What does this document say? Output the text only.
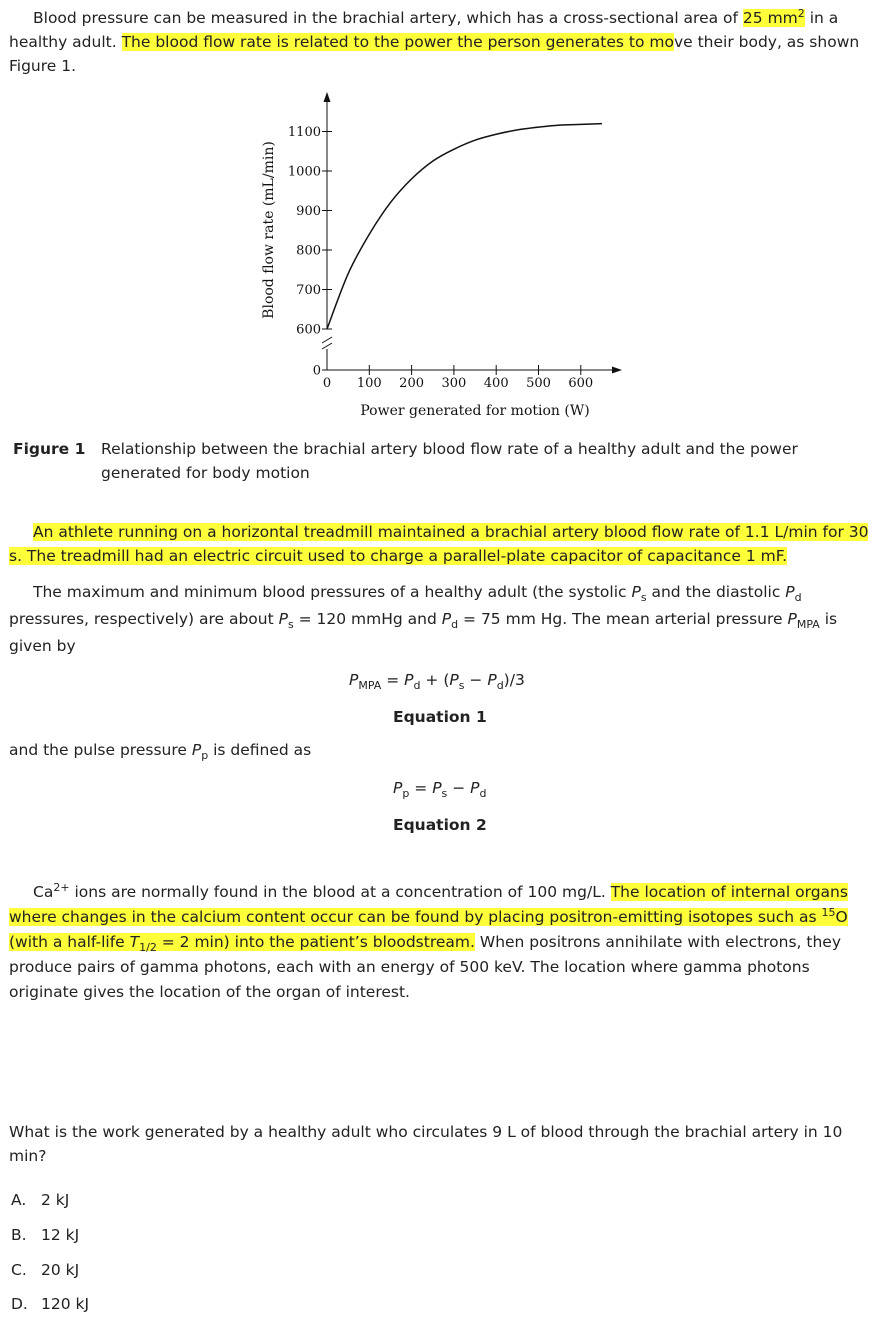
Blood pressure can be measured in the brachial artery, which has a cross-sectional area of 25 $mm^2$ in a healthy adult. The blood flow rate is related to the power the person generates to move their body, as shown Figure 1.

0
600
700
800
900
1000
1100
0 100 200 300 400 500 600
Power generated for motion (W)
Blood flow rate (mL/min)
Figure 1	Relationship between the brachial artery blood flow rate of a healthy adult and the power generated for body motion

An athlete running on a horizontal treadmill maintained a brachial artery blood flow rate of 1.1 L/min for 30 s. The treadmill had an electric circuit used to charge a parallel-plate capacitor of capacitance 1 mF.

The maximum and minimum blood pressures of a healthy adult (the systolic $P_s$ and the diastolic $P_d$ pressures, respectively) are about $P_s = 120$ mmHg and $P_d = 75$ mm Hg. The mean arterial pressure $P_{MPA}$ is given by

$P_{MPA} = P_d + (P_s - P_d)/3$
Equation 1

and the pulse pressure $P_p$ is defined as

$P_p = P_s - P_d$
Equation 2

$Ca^{2+}$ ions are normally found in the blood at a concentration of 100 mg/L. The location of internal organs where changes in the calcium content occur can be found by placing positron-emitting isotopes such as $^{15}$O (with a half-life $T_{1/2} = 2$ min) into the patient’s bloodstream. When positrons annihilate with electrons, they produce pairs of gamma photons, each with an energy of 500 keV. The location where gamma photons originate gives the location of the organ of interest.

What is the work generated by a healthy adult who circulates 9 L of blood through the brachial artery in 10 min?

A. 2 kJ
B. 12 kJ
C. 20 kJ
D. 120 kJ
